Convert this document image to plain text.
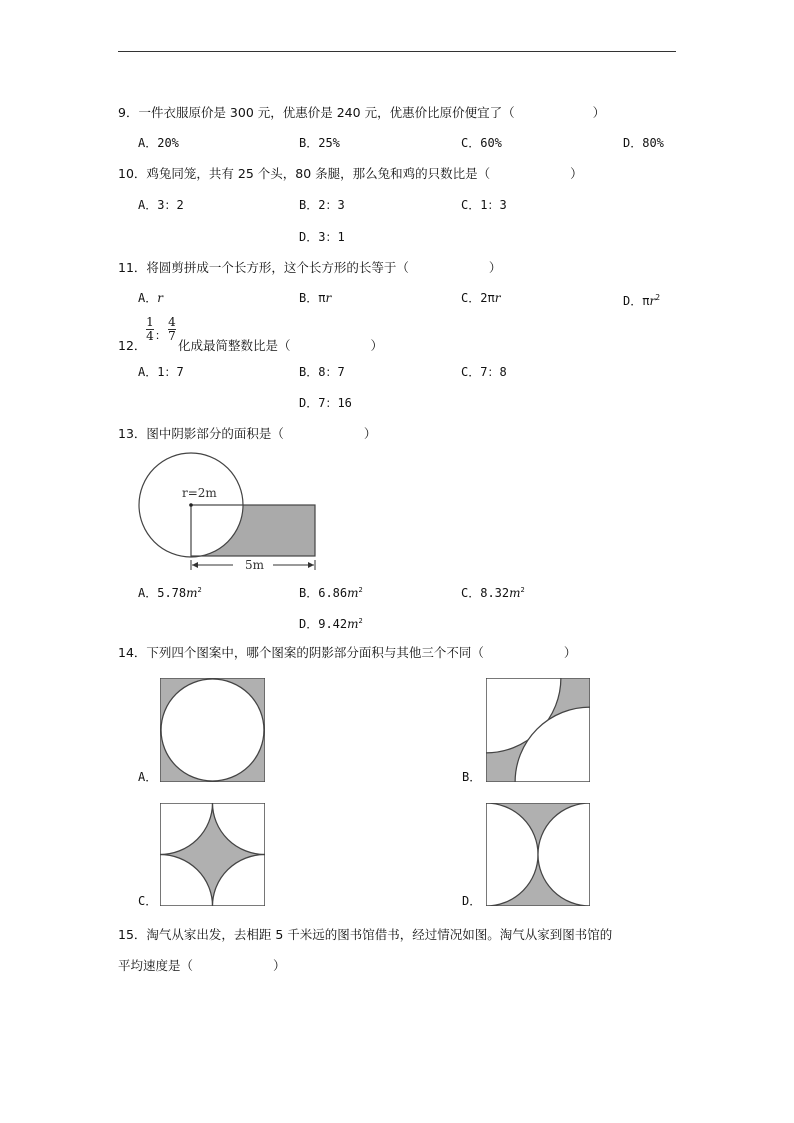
9．一件衣服原价是 300 元，优惠价是 240 元，优惠价比原价便宜了（	）
A．20%	B．25%	C．60%	D．80%
10．鸡兔同笼，共有 25 个头，80 条腿，那么兔和鸡的只数比是（	）
A．3：2	B．2：3	C．1：3
D．3：1
11．将圆剪拼成一个长方形，这个长方形的长等于（	）
A．r	B．πr	C．2πr	D．$\pi r^2$
12．
1
4 ：
4
7
化成最简整数比是（	）
A．1：7	B．8：7	C．7：8
D．7：16
13．图中阴影部分的面积是（	）
r=2m
5m
A．$5.78m^2$	B．$6.86m^2$	C．$8.32m^2$
D．$9.42m^2$
14．下列四个图案中，哪个图案的阴影部分面积与其他三个不同（	）
A．	B．
C．	D．
15．淘气从家出发，去相距 5 千米远的图书馆借书，经过情况如图。淘气从家到图书馆的
平均速度是（	）
